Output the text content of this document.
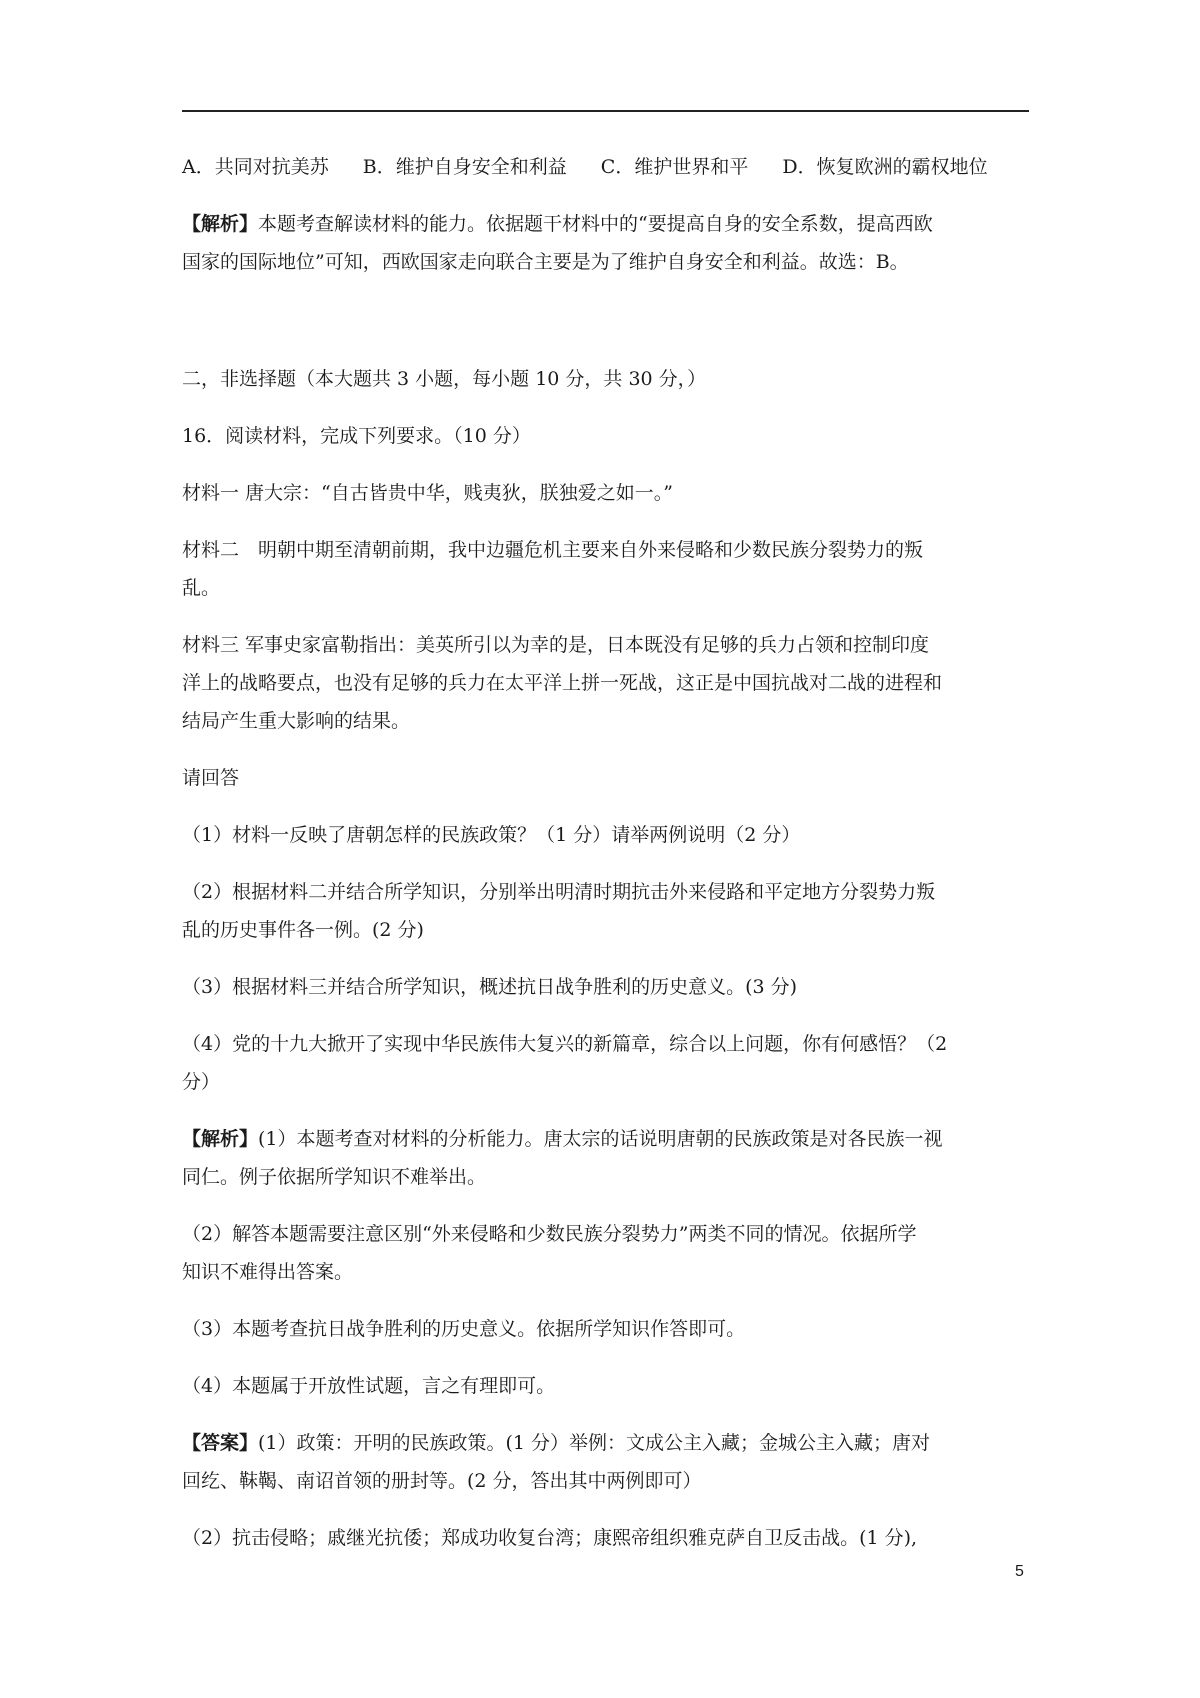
A．共同对抗美苏 B．维护自身安全和利益 C．维护世界和平 D．恢复欧洲的霸权地位
【解析】本题考查解读材料的能力。依据题干材料中的“要提高自身的安全系数，提高西欧
国家的国际地位”可知，西欧国家走向联合主要是为了维护自身安全和利益。故选：B。
二，非选择题（本大题共 3 小题，每小题 10 分，共 30 分，）
16．阅读材料，完成下列要求。（10 分）
材料一 唐大宗：“自古皆贵中华，贱夷狄，朕独爱之如一。”
材料二　明朝中期至清朝前期，我中边疆危机主要来自外来侵略和少数民族分裂势力的叛
乱。
材料三 军事史家富勒指出：美英所引以为幸的是，日本既没有足够的兵力占领和控制印度
洋上的战略要点，也没有足够的兵力在太平洋上拼一死战，这正是中国抗战对二战的进程和
结局产生重大影响的结果。
请回答
（1）材料一反映了唐朝怎样的民族政策？（1 分）请举两例说明（2 分）
（2）根据材料二并结合所学知识，分别举出明清时期抗击外来侵路和平定地方分裂势力叛
乱的历史事件各一例。(2 分)
（3）根据材料三并结合所学知识，概述抗日战争胜利的历史意义。(3 分)
（4）党的十九大掀开了实现中华民族伟大复兴的新篇章，综合以上问题，你有何感悟？（2
分）
【解析】(1）本题考查对材料的分析能力。唐太宗的话说明唐朝的民族政策是对各民族一视
同仁。例子依据所学知识不难举出。
（2）解答本题需要注意区别“外来侵略和少数民族分裂势力”两类不同的情况。依据所学
知识不难得出答案。
（3）本题考查抗日战争胜利的历史意义。依据所学知识作答即可。
（4）本题属于开放性试题，言之有理即可。
【答案】(1）政策：开明的民族政策。(1 分）举例：文成公主入藏；金城公主入藏；唐对
回纥、靺鞨、南诏首领的册封等。(2 分，答出其中两例即可）
（2）抗击侵略；戚继光抗倭；郑成功收复台湾；康熙帝组织雅克萨自卫反击战。(1 分),
5
